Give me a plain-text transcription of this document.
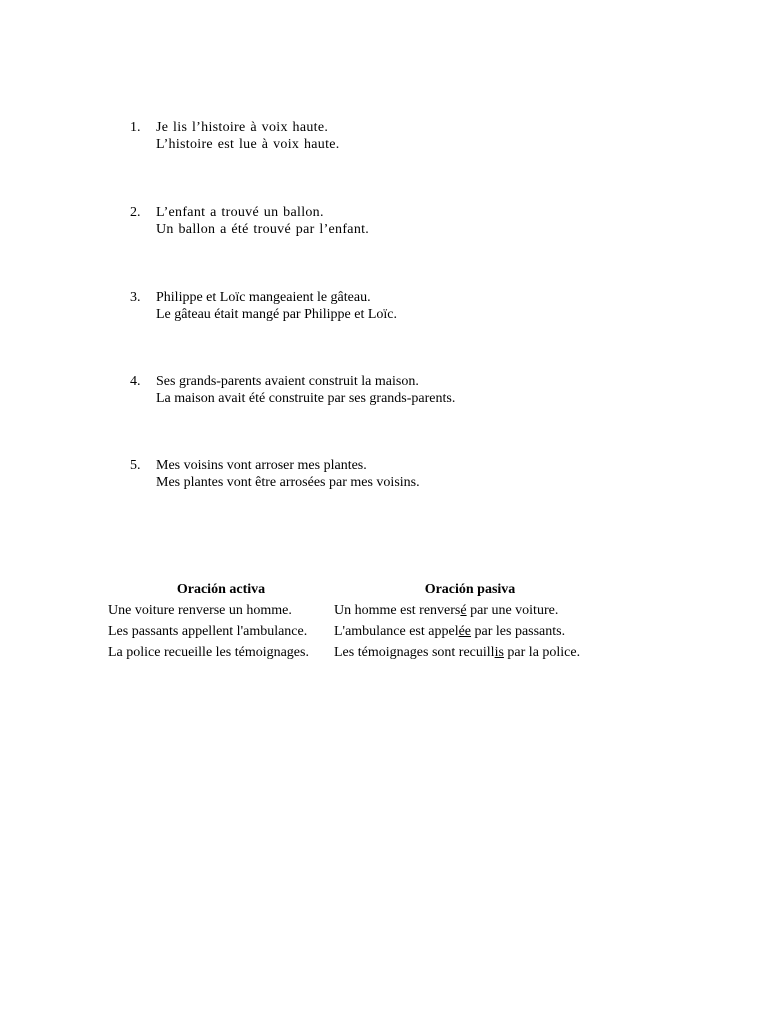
1.	Je lis l’histoire à voix haute.
L’histoire est lue à voix haute.
2.	L’enfant a trouvé un ballon.
Un ballon a été trouvé par l’enfant.
3.	Philippe et Loïc mangeaient le gâteau.
Le gâteau était mangé par Philippe et Loïc.
4.	Ses grands-parents avaient construit la maison.
La maison avait été construite par ses grands-parents.
5.	Mes voisins vont arroser mes plantes.
Mes plantes vont être arrosées par mes voisins.
Oración activa	Oración pasiva
Une voiture renverse un homme.	Un homme est renversé par une voiture.
Les passants appellent l'ambulance.	L'ambulance est appelée par les passants.
La police recueille les témoignages.	Les témoignages sont recuillis par la police.
